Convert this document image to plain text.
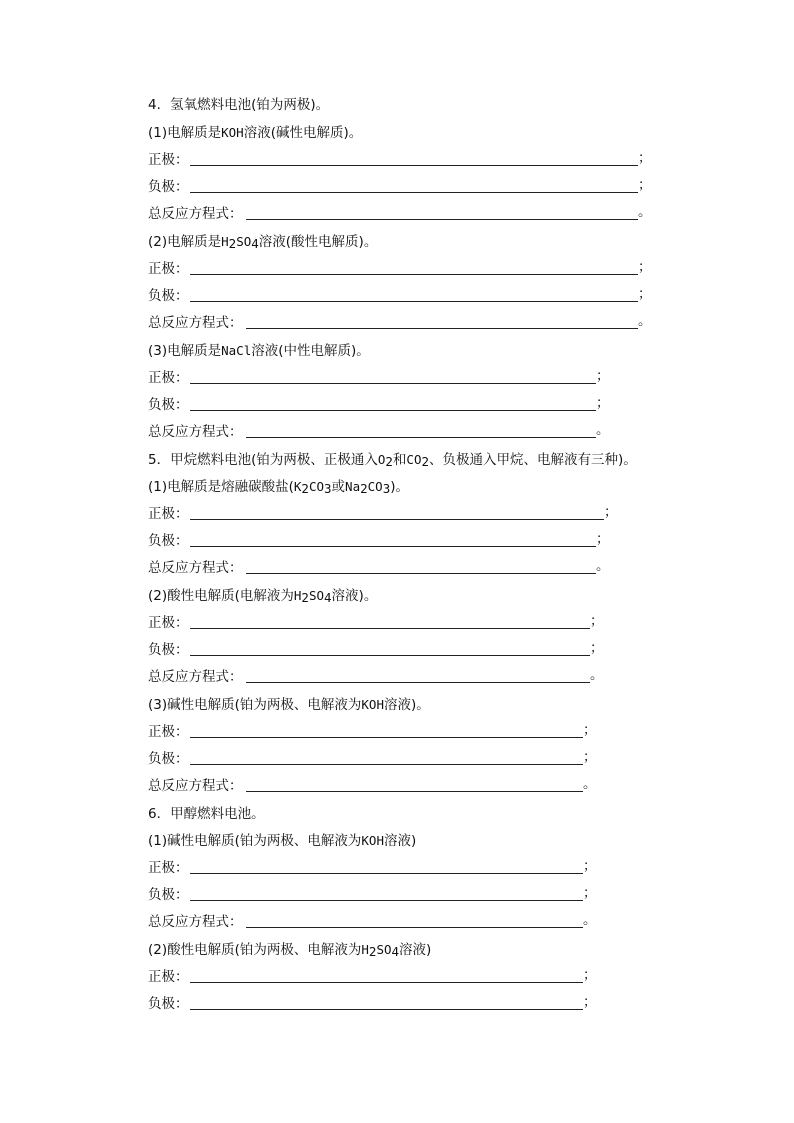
4．氢氧燃料电池(铂为两极)。
(1)电解质是KOH溶液(碱性电解质)。
正极：	；
负极：	；
总反应方程式：	。
(2)电解质是$H_2SO_4$溶液(酸性电解质)。
正极：	；
负极：	；
总反应方程式：	。
(3)电解质是NaCl溶液(中性电解质)。
正极：	；
负极：	；
总反应方程式：	。
5．甲烷燃料电池(铂为两极、正极通入$O_2$和$CO_2$、负极通入甲烷、电解液有三种)。
(1)电解质是熔融碳酸盐($K_2CO_3$或$Na_2CO_3$)。
正极：	；
负极：	；
总反应方程式：	。
(2)酸性电解质(电解液为$H_2SO_4$溶液)。
正极：	；
负极：	；
总反应方程式：	。
(3)碱性电解质(铂为两极、电解液为KOH溶液)。
正极：	；
负极：	；
总反应方程式：	。
6．甲醇燃料电池。
(1)碱性电解质(铂为两极、电解液为KOH溶液)
正极：	；
负极：	；
总反应方程式：	。
(2)酸性电解质(铂为两极、电解液为$H_2SO_4$溶液)
正极：	；
负极：	；
